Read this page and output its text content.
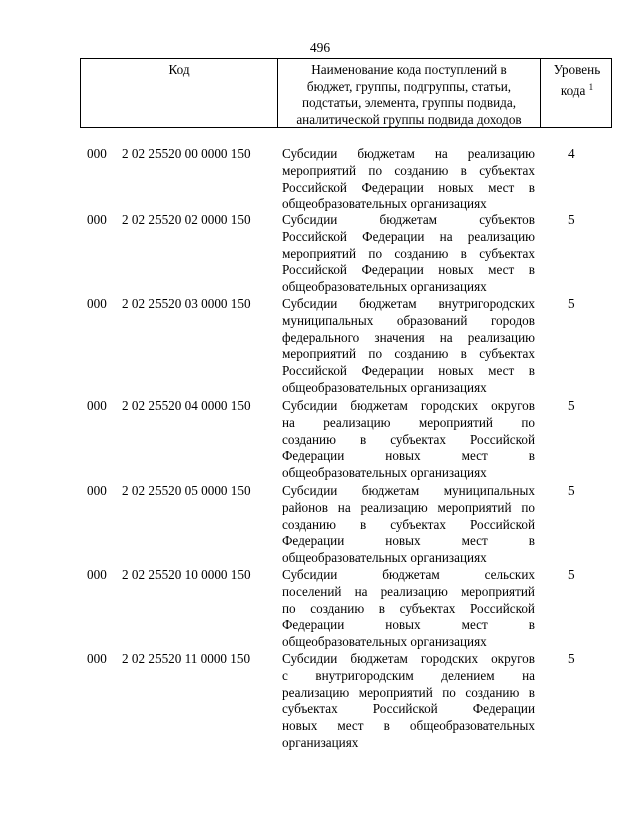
496
Код	Наименование кода поступлений в
бюджет, группы, подгруппы, статьи,
подстатьи, элемента, группы подвида,
аналитической группы подвида доходов
Уровень
кода $^1$
000 2 02 25520 00 0000 150 Субсидии бюджетам на реализацию
мероприятий по созданию в субъектах
Российской Федерации новых мест в
общеобразовательных организациях
4
000 2 02 25520 02 0000 150 Субсидии бюджетам субъектов
Российской Федерации на реализацию
мероприятий по созданию в субъектах
Российской Федерации новых мест в
общеобразовательных организациях
5
000 2 02 25520 03 0000 150 Субсидии бюджетам внутригородских
муниципальных образований городов
федерального значения на реализацию
мероприятий по созданию в субъектах
Российской Федерации новых мест в
общеобразовательных организациях
5
000 2 02 25520 04 0000 150 Субсидии бюджетам городских округов
на реализацию мероприятий по
созданию в субъектах Российской
Федерации новых мест в
общеобразовательных организациях
5
000 2 02 25520 05 0000 150 Субсидии бюджетам муниципальных
районов на реализацию мероприятий по
созданию в субъектах Российской
Федерации новых мест в
общеобразовательных организациях
5
000 2 02 25520 10 0000 150 Субсидии бюджетам сельских
поселений на реализацию мероприятий
по созданию в субъектах Российской
Федерации новых мест в
общеобразовательных организациях
5
000 2 02 25520 11 0000 150 Субсидии бюджетам городских округов
с внутригородским делением на
реализацию мероприятий по созданию в
субъектах Российской Федерации
новых мест в общеобразовательных
организациях
5
